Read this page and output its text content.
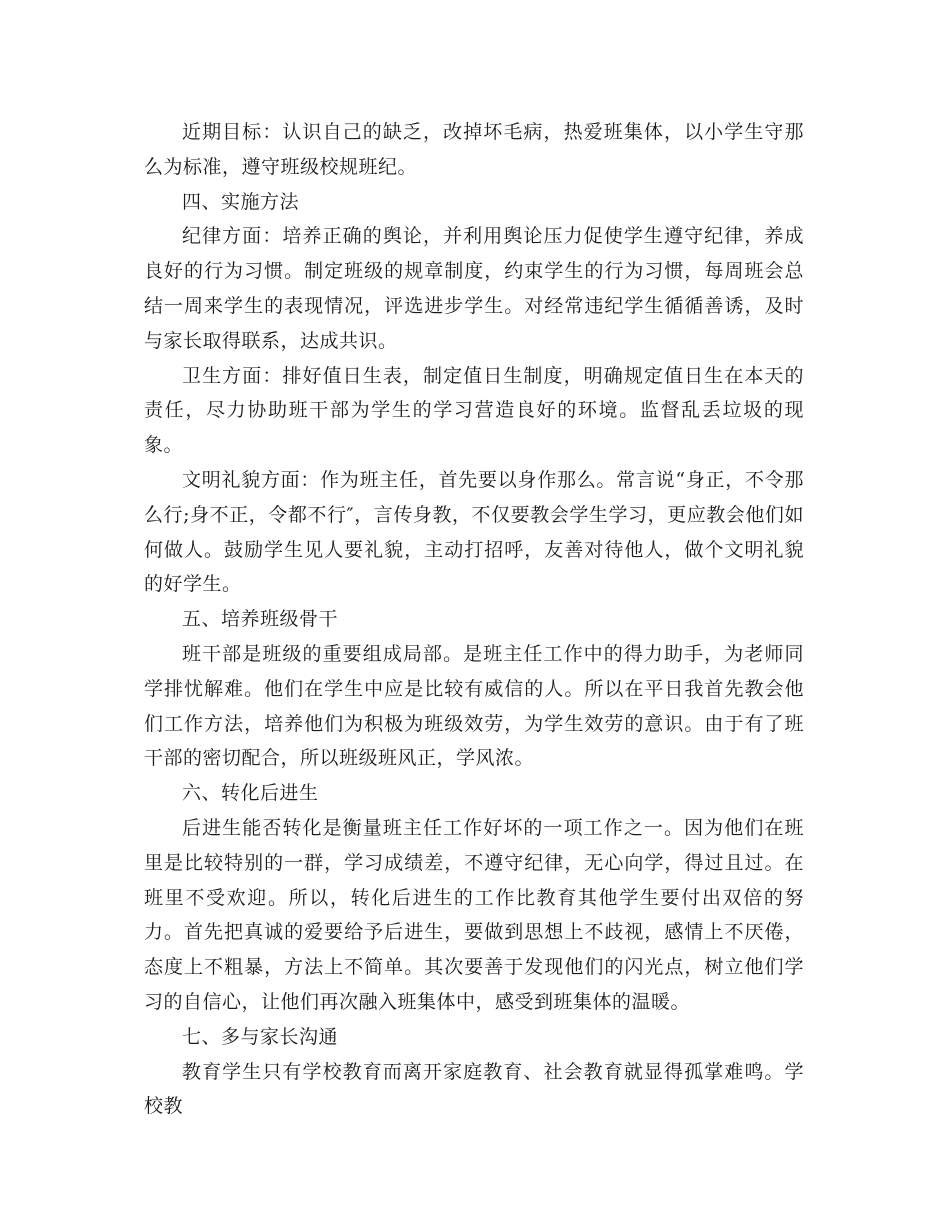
近期目标：认识自己的缺乏，改掉坏毛病，热爱班集体，以小学生守那么为标准，遵守班级校规班纪。

四、实施方法

纪律方面：培养正确的舆论，并利用舆论压力促使学生遵守纪律，养成良好的行为习惯。制定班级的规章制度，约束学生的行为习惯，每周班会总结一周来学生的表现情况，评选进步学生。对经常违纪学生循循善诱，及时与家长取得联系，达成共识。

卫生方面：排好值日生表，制定值日生制度，明确规定值日生在本天的责任，尽力协助班干部为学生的学习营造良好的环境。监督乱丢垃圾的现象。

文明礼貌方面：作为班主任，首先要以身作那么。常言说“身正，不令那么行;身不正，令都不行″，言传身教，不仅要教会学生学习，更应教会他们如何做人。鼓励学生见人要礼貌，主动打招呼，友善对待他人，做个文明礼貌的好学生。

五、培养班级骨干

班干部是班级的重要组成局部。是班主任工作中的得力助手，为老师同学排忧解难。他们在学生中应是比较有威信的人。所以在平日我首先教会他们工作方法，培养他们为积极为班级效劳，为学生效劳的意识。由于有了班干部的密切配合，所以班级班风正，学风浓。

六、转化后进生

后进生能否转化是衡量班主任工作好坏的一项工作之一。因为他们在班里是比较特别的一群，学习成绩差，不遵守纪律，无心向学，得过且过。在班里不受欢迎。所以，转化后进生的工作比教育其他学生要付出双倍的努力。首先把真诚的爱要给予后进生，要做到思想上不歧视，感情上不厌倦，态度上不粗暴，方法上不简单。其次要善于发现他们的闪光点，树立他们学习的自信心，让他们再次融入班集体中，感受到班集体的温暖。

七、多与家长沟通

教育学生只有学校教育而离开家庭教育、社会教育就显得孤掌难鸣。学校教
